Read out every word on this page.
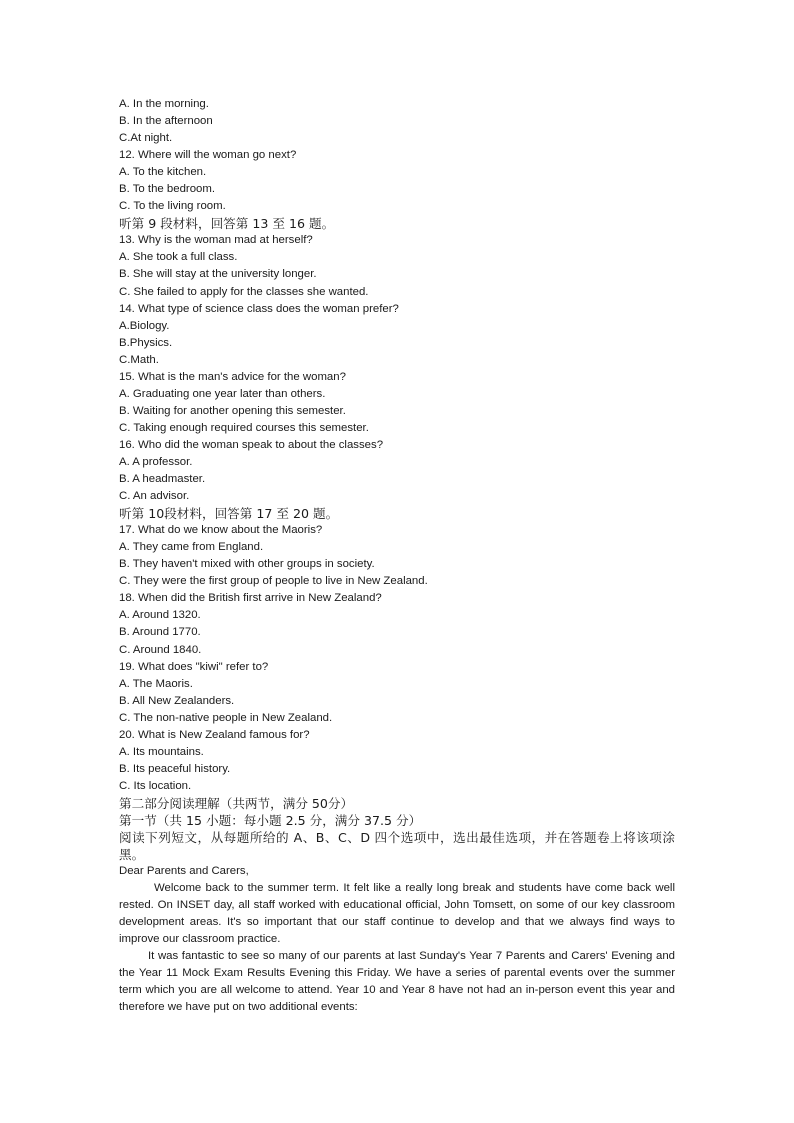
A. In the morning.
B. In the afternoon
C.At night.
12. Where will the woman go next?
A. To the kitchen.
B. To the bedroom.
C. To the living room.
听第 9 段材料，回答第 13 至 16 题。
13. Why is the woman mad at herself?
A. She took a full class.
B. She will stay at the university longer.
C. She failed to apply for the classes she wanted.
14. What type of science class does the woman prefer?
A.Biology.
B.Physics.
C.Math.
15. What is the man's advice for the woman?
A. Graduating one year later than others.
B. Waiting for another opening this semester.
C. Taking enough required courses this semester.
16. Who did the woman speak to about the classes?
A. A professor.
B. A headmaster.
C. An advisor.
听第 10段材料，回答第 17 至 20 题。
17. What do we know about the Maoris?
A. They came from England.
B. They haven't mixed with other groups in society.
C. They were the first group of people to live in New Zealand.
18. When did the British first arrive in New Zealand?
A. Around 1320.
B. Around 1770.
C. Around 1840.
19. What does "kiwi" refer to?
A. The Maoris.
B. All New Zealanders.
C. The non-native people in New Zealand.
20. What is New Zealand famous for?
A. Its mountains.
B. Its peaceful history.
C. Its location.
第二部分阅读理解（共两节，满分 50分）
第一节（共 15 小题：每小题 2.5 分，满分 37.5 分）
阅读下列短文，从每题所给的 A、B、C、D 四个选项中，选出最佳选项，并在答题卷上将该项涂黑。
Dear Parents and Carers,
Welcome back to the summer term. It felt like a really long break and students have come back well rested. On INSET day, all staff worked with educational official, John Tomsett, on some of our key classroom development areas. It's so important that our staff continue to develop and that we always find ways to improve our classroom practice.
It was fantastic to see so many of our parents at last Sunday's Year 7 Parents and Carers' Evening and the Year 11 Mock Exam Results Evening this Friday. We have a series of parental events over the summer term which you are all welcome to attend. Year 10 and Year 8 have not had an in-person event this year and therefore we have put on two additional events:
